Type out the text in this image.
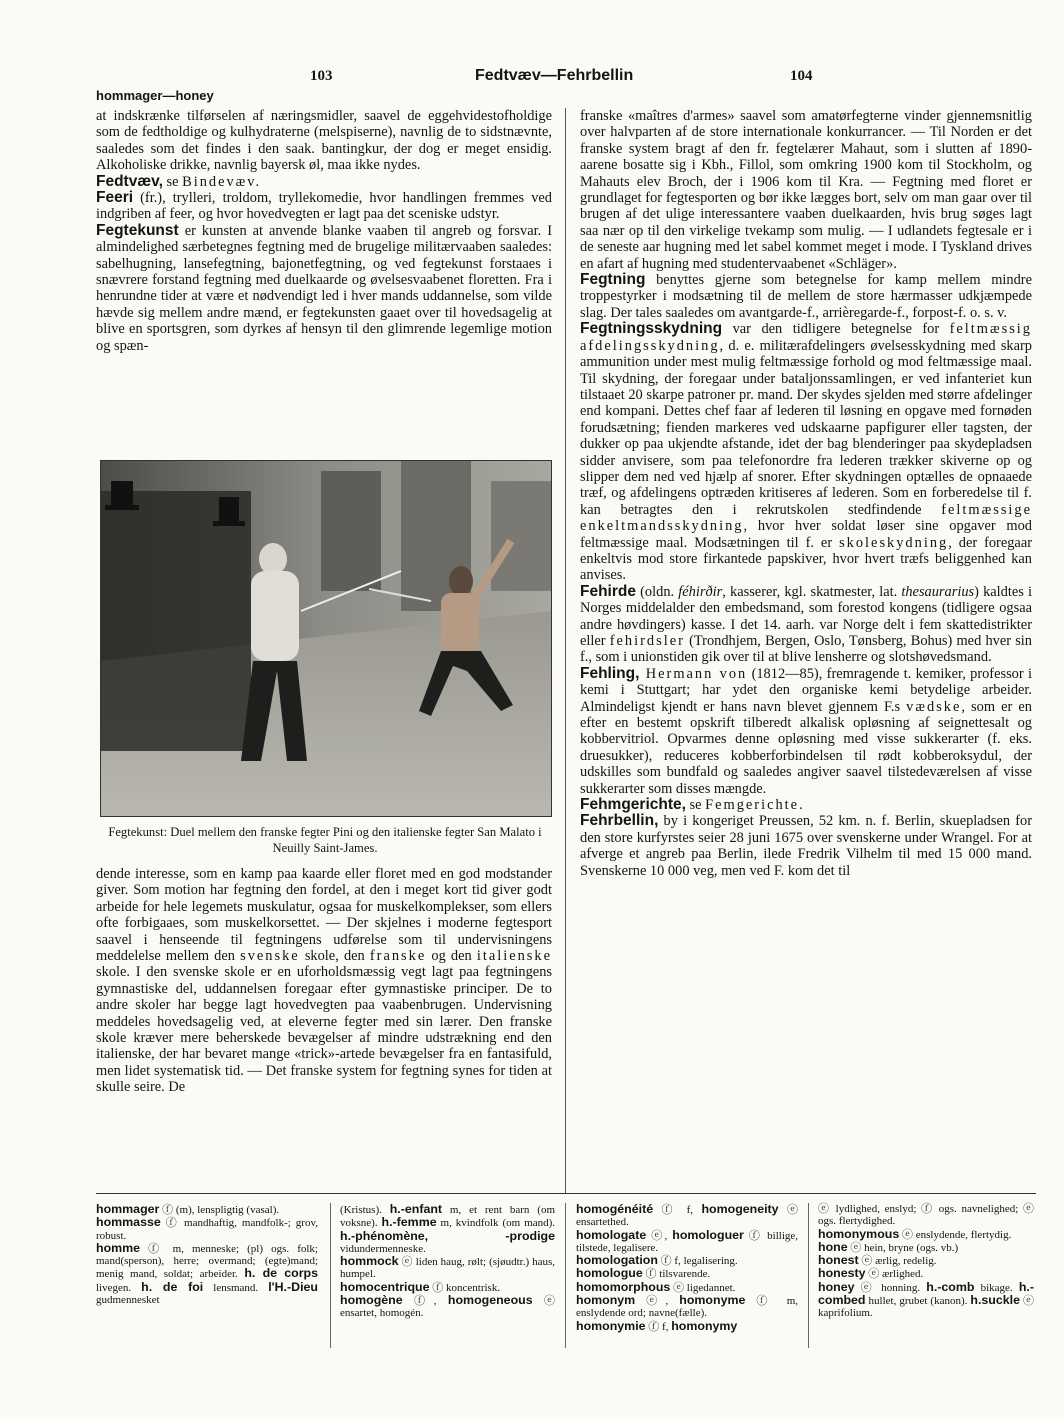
103	Fedtvæv—Fehrbellin	104
hommager—honey

at indskrænke tilførselen af næringsmidler, saavel de eggehvidestofholdige som de fedtholdige og kulhydraterne (melspiserne), navnlig de to sidstnævnte, saaledes som det findes i den saak. bantingkur, der dog er meget ensidig. Alkoholiske drikke, navnlig bayersk øl, maa ikke nydes.

Fedtvæv, se Bindevæv.

Feeri (fr.), trylleri, troldom, tryllekomedie, hvor handlingen fremmes ved indgriben af feer, og hvor hovedvegten er lagt paa det sceniske udstyr.

Fegtekunst er kunsten at anvende blanke vaaben til angreb og forsvar. I almindelighed særbetegnes fegtning med de brugelige militærvaaben saaledes: sabelhugning, lansefegtning, bajonetfegtning, og ved fegtekunst forstaaes i snævrere forstand fegtning med duelkaarde og øvelsesvaabenet floretten. Fra i henrundne tider at være et nødvendigt led i hver mands uddannelse, som vilde hævde sig mellem andre mænd, er fegtekunsten gaaet over til hovedsagelig at blive en sportsgren, som dyrkes af hensyn til den glimrende legemlige motion og spæn-

Fegtekunst: Duel mellem den franske fegter Pini og den italienske fegter San Malato i Neuilly Saint-James.

dende interesse, som en kamp paa kaarde eller floret med en god modstander giver. Som motion har fegtning den fordel, at den i meget kort tid giver godt arbeide for hele legemets muskulatur, ogsaa for muskelkomplekser, som ellers ofte forbigaaes, som muskelkorsettet. — Der skjelnes i moderne fegtesport saavel i henseende til fegtningens udførelse som til undervisningens meddelelse mellem den svenske skole, den franske og den italienske skole. I den svenske skole er en uforholdsmæssig vegt lagt paa fegtningens gymnastiske del, uddannelsen foregaar efter gymnastiske principer. De to andre skoler har begge lagt hovedvegten paa vaabenbrugen. Undervisning meddeles hovedsagelig ved, at eleverne fegter med sin lærer. Den franske skole kræver mere beherskede bevægelser af mindre udstrækning end den italienske, der har bevaret mange «trick»-artede bevægelser fra en fantasifuld, men lidet systematisk tid. — Det franske system for fegtning synes for tiden at skulle seire. De

franske «maîtres d'armes» saavel som amatørfegterne vinder gjennemsnitlig over halvparten af de store internationale konkurrancer. — Til Norden er det franske system bragt af den fr. fegtelærer Mahaut, som i slutten af 1890-aarene bosatte sig i Kbh., Fillol, som omkring 1900 kom til Stockholm, og Mahauts elev Broch, der i 1906 kom til Kra. — Fegtning med floret er grundlaget for fegtesporten og bør ikke lægges bort, selv om man gaar over til brugen af det ulige interessantere vaaben duelkaarden, hvis brug søges lagt saa nær op til den virkelige tvekamp som mulig. — I udlandets fegtesale er i de seneste aar hugning med let sabel kommet meget i mode. I Tyskland drives en afart af hugning med studentervaabenet «Schläger».

Fegtning benyttes gjerne som betegnelse for kamp mellem mindre troppestyrker i modsætning til de mellem de store hærmasser udkjæmpede slag. Der tales saaledes om avantgarde-f., arrièregarde-f., forpost-f. o. s. v.

Fegtningsskydning var den tidligere betegnelse for feltmæssig afdelingsskydning, d. e. militærafdelingers øvelsesskydning med skarp ammunition under mest mulig feltmæssige forhold og mod feltmæssige maal. Til skydning, der foregaar under bataljonssamlingen, er ved infanteriet kun tilstaaet 20 skarpe patroner pr. mand. Der skydes sjelden med større afdelinger end kompani. Dettes chef faar af lederen til løsning en opgave med fornøden forudsætning; fienden markeres ved udskaarne papfigurer eller tagsten, der dukker op paa ukjendte afstande, idet der bag blenderinger paa skydepladsen sidder anvisere, som paa telefonordre fra lederen trækker skiverne op og slipper dem ned ved hjælp af snorer. Efter skydningen optælles de opnaaede træf, og afdelingens optræden kritiseres af lederen. Som en forberedelse til f. kan betragtes den i rekrutskolen stedfindende feltmæssige enkeltmandsskydning, hvor hver soldat løser sine opgaver mod feltmæssige maal. Modsætningen til f. er skoleskydning, der foregaar enkeltvis mod store firkantede papskiver, hvor hvert træfs beliggenhed kan anvises.

Fehirde (oldn. féhirðir, kasserer, kgl. skatmester, lat. thesaurarius) kaldtes i Norges middelalder den embedsmand, som forestod kongens (tidligere ogsaa andre høvdingers) kasse. I det 14. aarh. var Norge delt i fem skattedistrikter eller fehirdsler (Trondhjem, Bergen, Oslo, Tønsberg, Bohus) med hver sin f., som i unionstiden gik over til at blive lensherre og slotshøvedsmand.

Fehling, Hermann von (1812—85), fremragende t. kemiker, professor i kemi i Stuttgart; har ydet den organiske kemi betydelige arbeider. Almindeligst kjendt er hans navn blevet gjennem F.s vædske, som er en efter en bestemt opskrift tilberedt alkalisk opløsning af seignettesalt og kobbervitriol. Opvarmes denne opløsning med visse sukkerarter (f. eks. druesukker), reduceres kobberforbindelsen til rødt kobberoksydul, der udskilles som bundfald og saaledes angiver saavel tilstedeværelsen af visse sukkerarter som disses mængde.

Fehmgerichte, se Femgerichte.

Fehrbellin, by i kongeriget Preussen, 52 km. n. f. Berlin, skuepladsen for den store kurfyrstes seier 28 juni 1675 over svenskerne under Wrangel. For at afverge et angreb paa Berlin, ilede Fredrik Vilhelm til med 15 000 mand. Svenskerne 10 000 veg, men ved F. kom det til

hommager ⓕ (m), lenspligtig (vasal).

hommasse ⓕ mandhaftig, mandfolk-; grov, robust.

homme ⓕ m, menneske; (pl) ogs. folk; mand(sperson), herre; overmand; (egte)mand; menig mand, soldat; arbeider. h. de corps livegen. h. de foi lensmand. l'H.-Dieu gudmennesket

(Kristus). h.-enfant m, et rent barn (om voksne). h.-femme m, kvindfolk (om mand). h.-phénomène, -prodige vidundermenneske.

hommock ⓔ liden haug, rølt; (sjøudtr.) haus, humpel.

homocentrique ⓕ koncentrisk.

homogène ⓕ, homogeneous ⓔ ensartet, homogén.

homogénéité ⓕ f, homogeneity ⓔ ensartethed.

homologate ⓔ, homologuer ⓕ billige, tilstede, legalisere.

homologation ⓕ f, legalisering.

homologue ⓕ tilsvarende.

homomorphous ⓔ ligedannet.

homonym ⓔ, homonyme ⓕ m, enslydende ord; navne(fælle).

homonymie ⓕ f, homonymy

ⓔ lydlighed, enslyd; ⓕ ogs. navnelighed; ⓔ ogs. flertydighed.

homonymous ⓔ enslydende, flertydig.

hone ⓔ hein, bryne (ogs. vb.)

honest ⓔ ærlig, redelig.

honesty ⓔ ærlighed.

honey ⓔ honning. h.-comb bikage. h.-combed hullet, grubet (kanon). h.suckle ⓔ kaprifolium.
